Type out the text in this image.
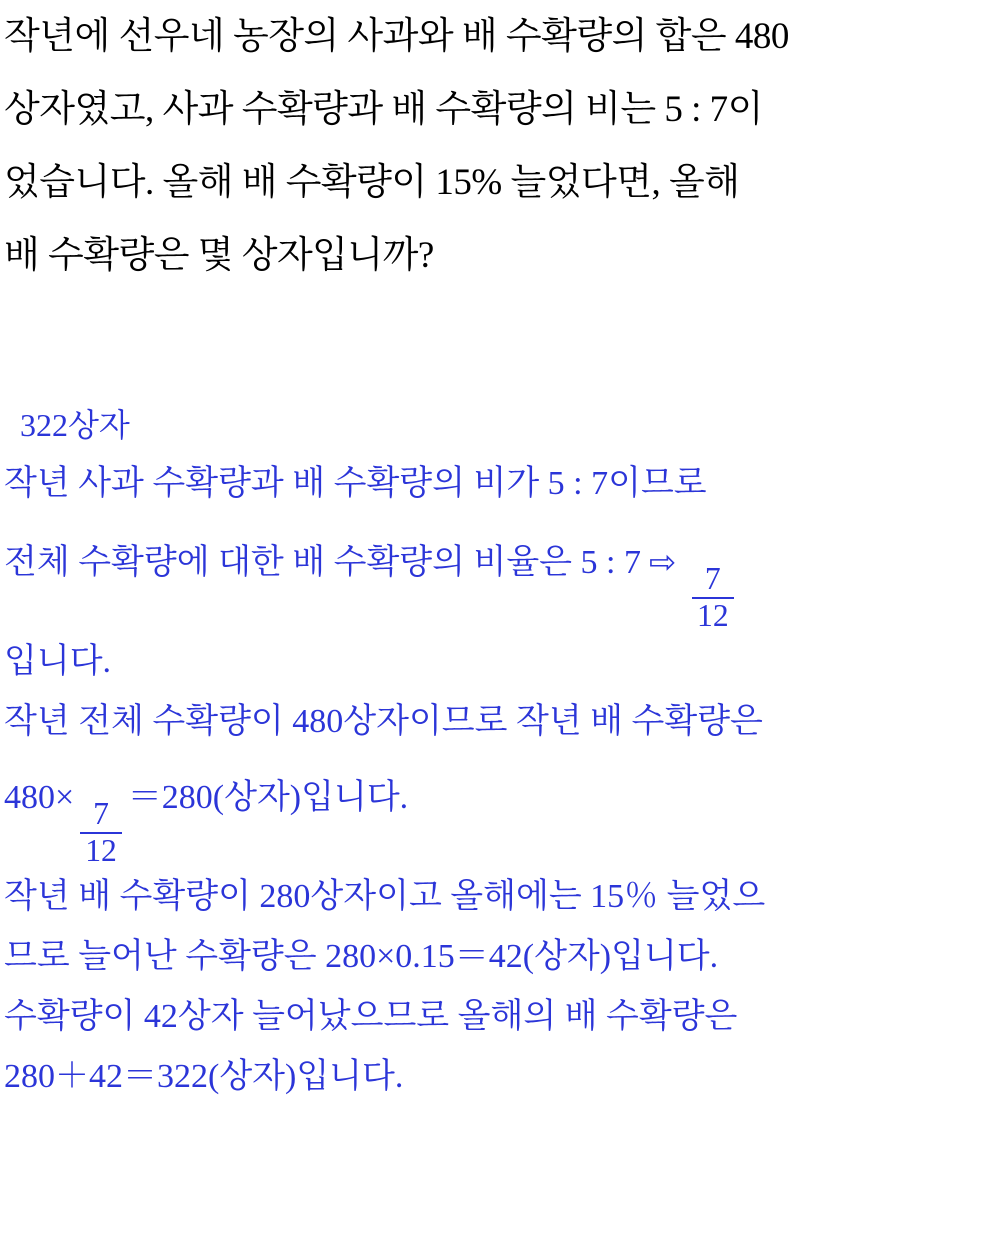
작년에 선우네 농장의 사과와 배 수확량의 합은 480
상자였고, 사과 수확량과 배 수확량의 비는 5 : 7이
었습니다. 올해 배 수확량이 15% 늘었다면, 올해
배 수확량은 몇 상자입니까?
322상자
작년 사과 수확량과 배 수확량의 비가 5 : 7이므로
전체 수확량에 대한 배 수확량의 비율은 5 : 7 ⇨
$\frac{7}{12}$
입니다.
작년 전체 수확량이 480상자이므로 작년 배 수확량은
480×
$\frac{7}{12}$
＝280(상자)입니다.
작년 배 수확량이 280상자이고 올해에는 15％ 늘었으
므로 늘어난 수확량은 280×0.15＝42(상자)입니다.
수확량이 42상자 늘어났으므로 올해의 배 수확량은
280＋42＝322(상자)입니다.
